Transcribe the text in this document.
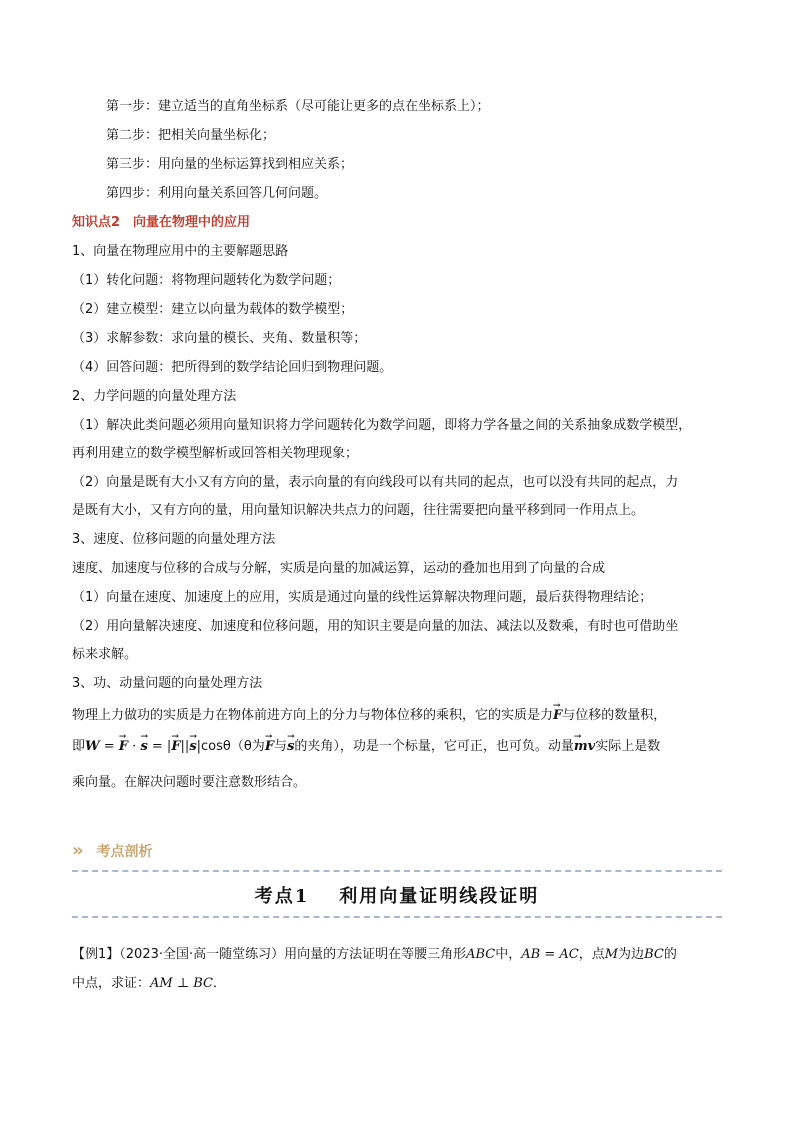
第一步：建立适当的直角坐标系（尽可能让更多的点在坐标系上）；
第二步：把相关向量坐标化；
第三步：用向量的坐标运算找到相应关系；
第四步：利用向量关系回答几何问题。
知识点2　向量在物理中的应用
1、向量在物理应用中的主要解题思路
（1）转化问题：将物理问题转化为数学问题；
（2）建立模型：建立以向量为载体的数学模型；
（3）求解参数：求向量的模长、夹角、数量积等；
（4）回答问题：把所得到的数学结论回归到物理问题。
2、力学问题的向量处理方法
（1）解决此类问题必须用向量知识将力学问题转化为数学问题，即将力学各量之间的关系抽象成数学模型，
再利用建立的数学模型解析或回答相关物理现象；
（2）向量是既有大小又有方向的量，表示向量的有向线段可以有共同的起点，也可以没有共同的起点，力
是既有大小，又有方向的量，用向量知识解决共点力的问题，往往需要把向量平移到同一作用点上。
3、速度、位移问题的向量处理方法
速度、加速度与位移的合成与分解，实质是向量的加减运算，运动的叠加也用到了向量的合成
（1）向量在速度、加速度上的应用，实质是通过向量的线性运算解决物理问题，最后获得物理结论；
（2）用向量解决速度、加速度和位移问题，用的知识主要是向量的加法、减法以及数乘，有时也可借助坐
标来求解。
3、功、动量问题的向量处理方法
物理上力做功的实质是力在物体前进方向上的分力与物体位移的乘积，它的实质是力→ F与位移的数量积，
即W = → F · → s = |→ F||→ s|cosθ（θ为→ F与→ s的夹角），功是一个标量，它可正，也可负。动量→ mv实际上是数
乘向量。在解决问题时要注意数形结合。
» 考点剖析
考点1 利用向量证明线段证明
【例1】（2023·全国·高一随堂练习）用向量的方法证明在等腰三角形ABC中，AB = AC，点M为边BC的
中点，求证：AM ⊥ BC．
